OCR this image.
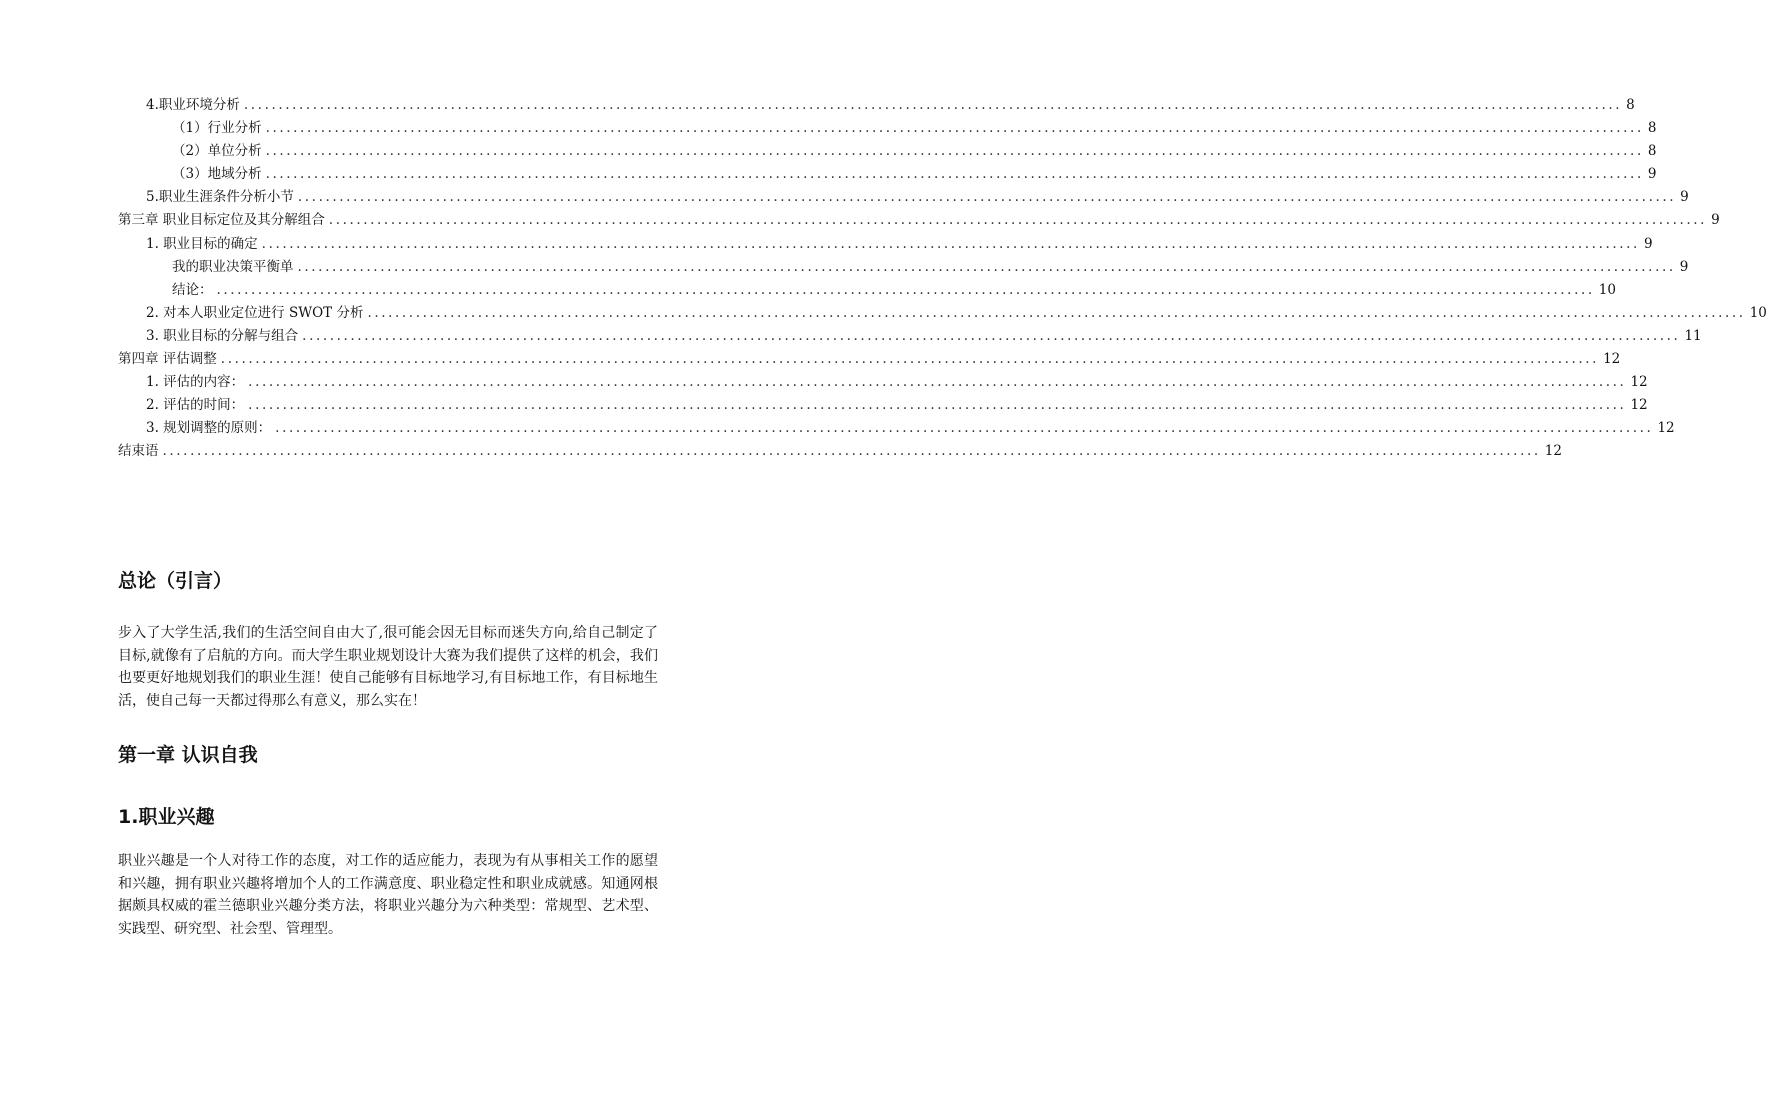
4.职业环境分析 ........................................................................................................................................................................................................ 8
（1）行业分析 ........................................................................................................................................................................................................ 8
（2）单位分析 ........................................................................................................................................................................................................ 8
（3）地域分析 ........................................................................................................................................................................................................ 9
5.职业生涯条件分析小节 ........................................................................................................................................................................................................ 9
第三章 职业目标定位及其分解组合 ........................................................................................................................................................................................................ 9
1. 职业目标的确定 ........................................................................................................................................................................................................ 9
我的职业决策平衡单 ........................................................................................................................................................................................................ 9
结论： ........................................................................................................................................................................................................ 10
2. 对本人职业定位进行 SWOT 分析 ........................................................................................................................................................................................................ 10
3. 职业目标的分解与组合 ........................................................................................................................................................................................................ 11
第四章 评估调整 ........................................................................................................................................................................................................ 12
1. 评估的内容： ........................................................................................................................................................................................................ 12
2. 评估的时间： ........................................................................................................................................................................................................ 12
3. 规划调整的原则： ........................................................................................................................................................................................................ 12
结束语 ........................................................................................................................................................................................................ 12
总论（引言）

步入了大学生活,我们的生活空间自由大了,很可能会因无目标而迷失方向,给自己制定了目标,就像有了启航的方向。而大学生职业规划设计大赛为我们提供了这样的机会，我们也要更好地规划我们的职业生涯！使自己能够有目标地学习,有目标地工作，有目标地生活，使自己每一天都过得那么有意义，那么实在！

第一章 认识自我
1.职业兴趣

职业兴趣是一个人对待工作的态度，对工作的适应能力，表现为有从事相关工作的愿望和兴趣，拥有职业兴趣将增加个人的工作满意度、职业稳定性和职业成就感。知通网根据颇具权威的霍兰德职业兴趣分类方法，将职业兴趣分为六种类型：常规型、艺术型、实践型、研究型、社会型、管理型。
